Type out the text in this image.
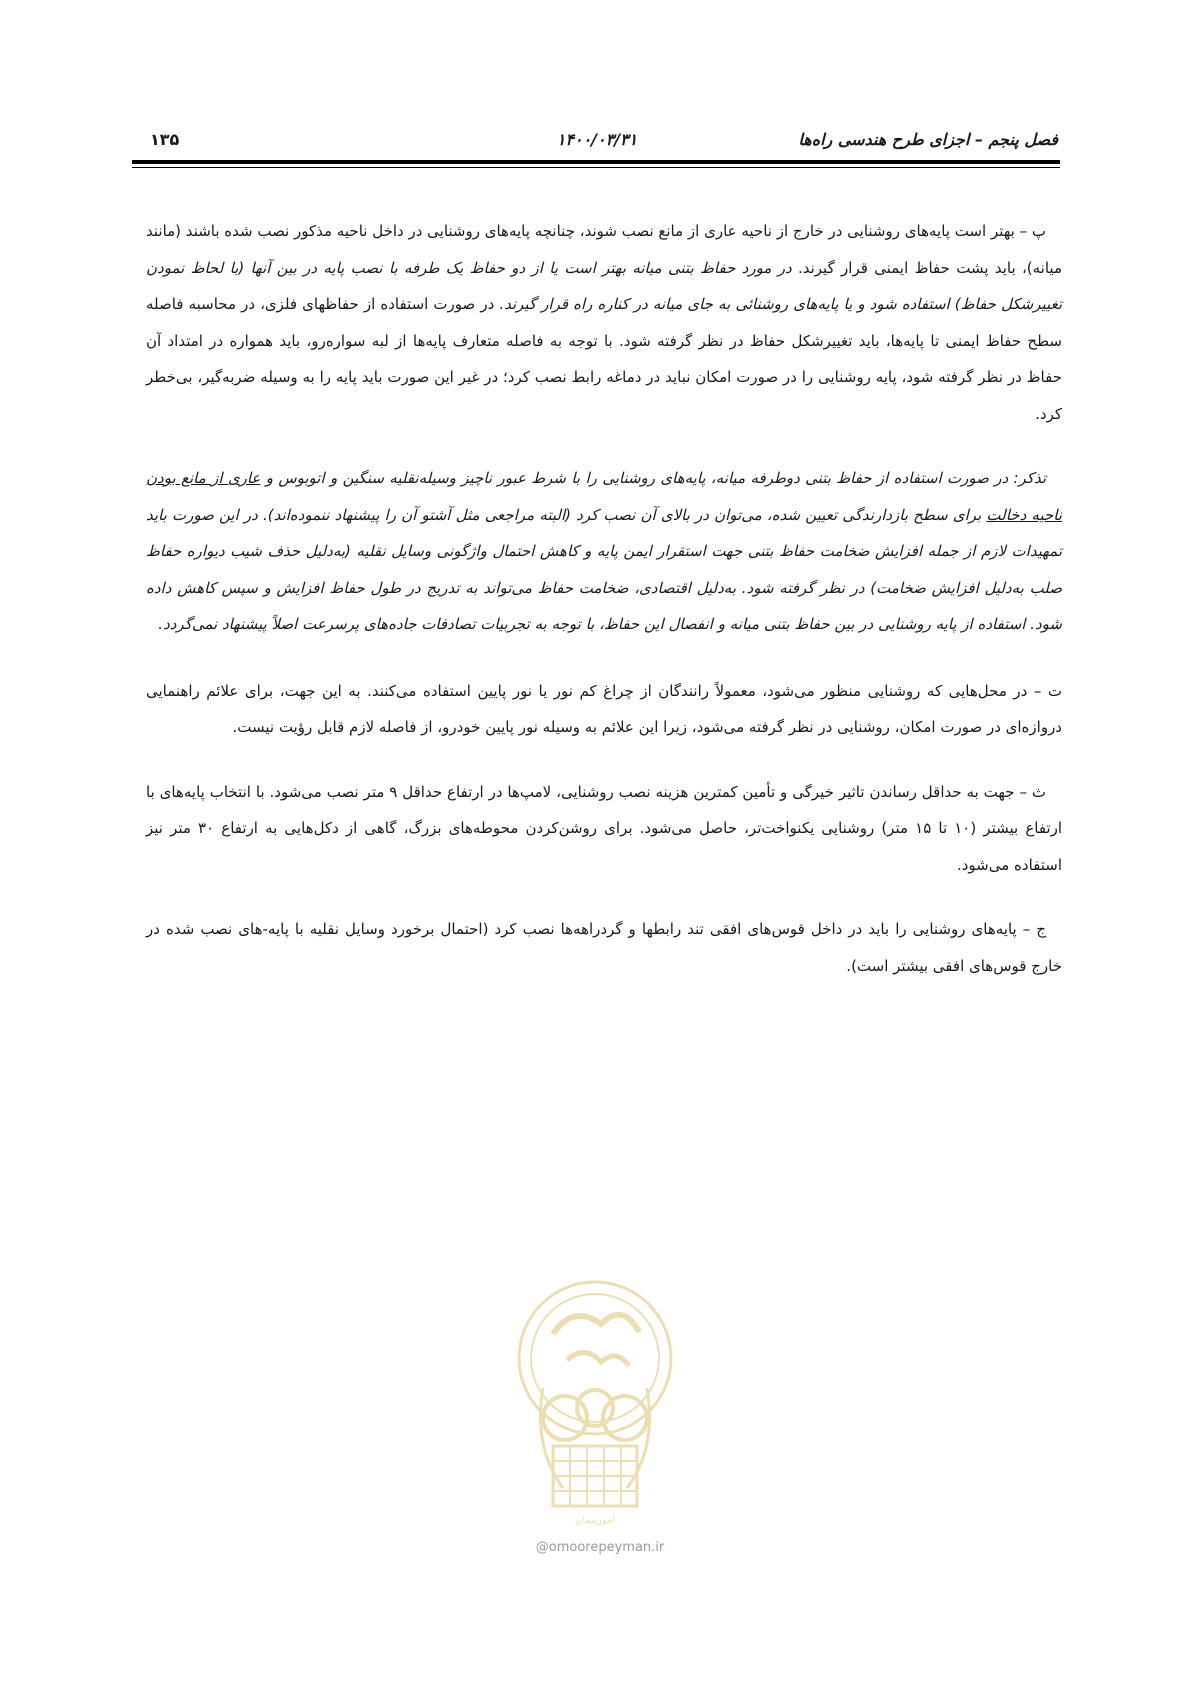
فصل پنجم – اجزای طرح هندسی راه‌ها
۱۴۰۰/۰۳/۳۱
۱۳۵

پ – بهتر است پایه‌های روشنایی در خارج از ناحیه عاری از مانع نصب شوند، چنانچه پایه‌های روشنایی در داخل ناحیه مذکور نصب شده باشند (مانند میانه)، باید پشت حفاظ ایمنی قرار گیرند. در مورد حفاظ بتنی میانه بهتر است یا از دو حفاظ یک طرفه با نصب پایه در بین آنها (با لحاظ نمودن تغییرشکل حفاظ) استفاده شود و یا پایه‌های روشنائی به جای میانه در کناره راه قرار گیرند. در صورت استفاده از حفاظهای فلزی، در محاسبه فاصله سطح حفاظ ایمنی تا پایه‌ها، باید تغییرشکل حفاظ در نظر گرفته شود. با توجه به فاصله متعارف پایه‌ها از لبه سواره‌رو، باید همواره در امتداد آن حفاظ در نظر گرفته شود، پایه روشنایی را در صورت امکان نباید در دماغه رابط نصب کرد؛ در غیر این صورت باید پایه را به وسیله ضربه‌گیر، بی‌خطر کرد.

تذکر: در صورت استفاده از حفاظ بتنی دوطرفه میانه، پایه‌های روشنایی را با شرط عبور ناچیز وسیله‌نقلیه سنگین و اتوبوس و عاری از مانع بودن ناحیه دخالت برای سطح بازدارندگی تعیین شده، می‌توان در بالای آن نصب کرد (البته مراجعی مثل آشتو آن را پیشنهاد ننموده‌اند). در این صورت باید تمهیدات لازم از جمله افزایش ضخامت حفاظ بتنی جهت استقرار ایمن پایه و کاهش احتمال واژگونی وسایل نقلیه (به‌دلیل حذف شیب دیواره حفاظ صلب به‌دلیل افزایش ضخامت) در نظر گرفته شود. به‌دلیل اقتصادی، ضخامت حفاظ می‌تواند به تدریج در طول حفاظ افزایش و سپس کاهش داده شود. استفاده از پایه روشنایی در بین حفاظ بتنی میانه و انفصال این حفاظ، با توجه به تجربیات تصادفات جاده‌های پرسرعت اصلاً پیشنهاد نمی‌گردد.

ت – در محل‌هایی که روشنایی منظور می‌شود، معمولاً رانندگان از چراغ کم نور یا نور پایین استفاده می‌کنند. به این جهت، برای علائم راهنمایی دروازه‌ای در صورت امکان، روشنایی در نظر گرفته می‌شود، زیرا این علائم به وسیله نور پایین خودرو، از فاصله لازم قابل رؤیت نیست.

ث – جهت به حداقل رساندن تاثیر خیرگی و تأمین کمترین هزینه نصب روشنایی، لامپ‌ها در ارتفاع حداقل ۹ متر نصب می‌شود. با انتخاب پایه‌های با ارتفاع بیشتر (۱۰ تا ۱۵ متر) روشنایی یکنواخت‌تر، حاصل می‌شود. برای روشن‌کردن محوطه‌های بزرگ، گاهی از دکل‌هایی به ارتفاع ۳۰ متر نیز استفاده می‌شود.

ج – پایه‌های روشنایی را باید در داخل قوس‌های افقی تند رابطها و گردراهه‌ها نصب کرد (احتمال برخورد وسایل نقلیه با پایه-های نصب شده در خارج قوس‌های افقی بیشتر است).

امورپیمان
@omoorepeyman.ir
